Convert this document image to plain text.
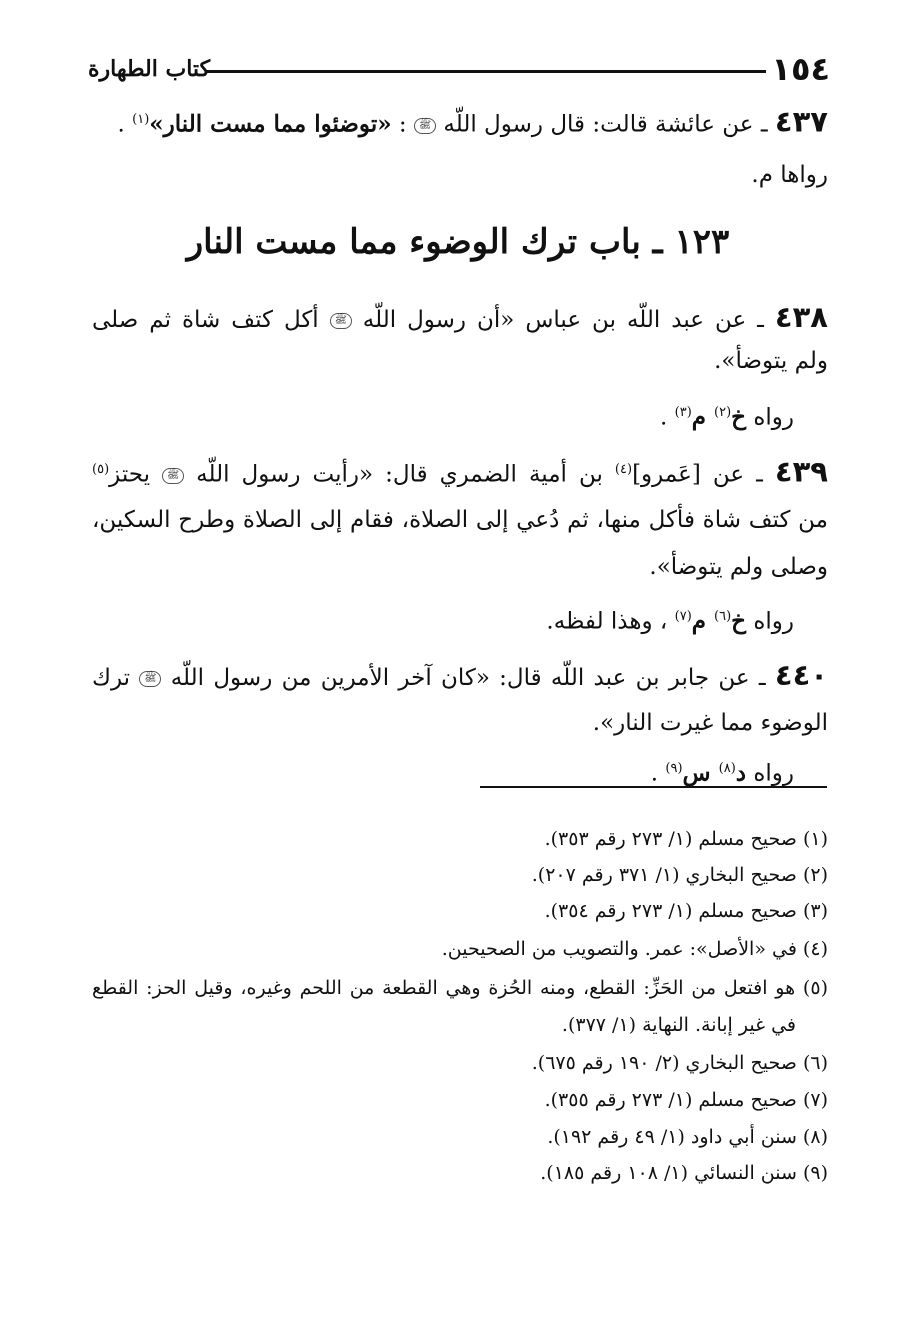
١٥٤
كتاب الطهارة
٤٣٧ ـ عن عائشة قالت: قال رسول اللّه ﷺ : «توضئوا مما مست النار»$^{(١)}$ .
رواها م.
١٢٣ ـ باب ترك الوضوء مما مست النار
٤٣٨ ـ عن عبد اللّه بن عباس «أن رسول اللّه ﷺ أكل كتف شاة ثم صلى
ولم يتوضأ».
رواه خ$^{(٢)}$ م$^{(٣)}$ .
٤٣٩ ـ عن [عَمرو]$^{(٤)}$ بن أمية الضمري قال: «رأيت رسول اللّه ﷺ يحتز$^{(٥)}$
من كتف شاة فأكل منها، ثم دُعي إلى الصلاة، فقام إلى الصلاة وطرح السكين،
وصلى ولم يتوضأ».
رواه خ$^{(٦)}$ م$^{(٧)}$ ، وهذا لفظه.
٤٤٠ ـ عن جابر بن عبد اللّه قال: «كان آخر الأمرين من رسول اللّه ﷺ ترك
الوضوء مما غيرت النار».
رواه د$^{(٨)}$ س$^{(٩)}$ .
(١) صحيح مسلم (١/ ٢٧٣ رقم ٣٥٣).
(٢) صحيح البخاري (١/ ٣٧١ رقم ٢٠٧).
(٣) صحيح مسلم (١/ ٢٧٣ رقم ٣٥٤).
(٤) في «الأصل»: عمر. والتصويب من الصحيحين.
(٥) هو افتعل من الحَزِّ: القطع، ومنه الحُزة وهي القطعة من اللحم وغيره، وقيل الحز: القطع
في غير إبانة. النهاية (١/ ٣٧٧).
(٦) صحيح البخاري (٢/ ١٩٠ رقم ٦٧٥).
(٧) صحيح مسلم (١/ ٢٧٣ رقم ٣٥٥).
(٨) سنن أبي داود (١/ ٤٩ رقم ١٩٢).
(٩) سنن النسائي (١/ ١٠٨ رقم ١٨٥).
